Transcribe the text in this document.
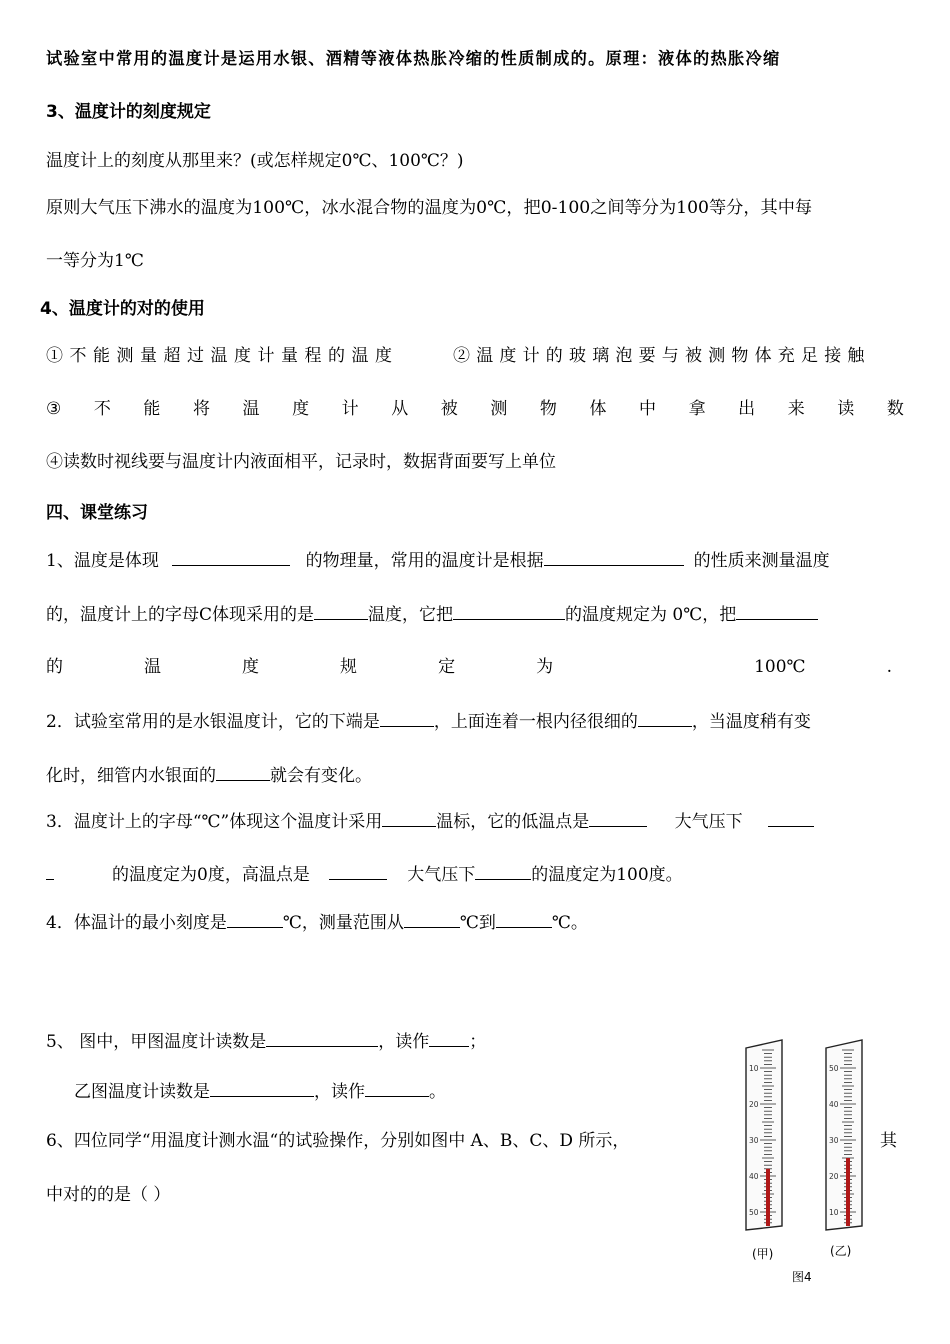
试验室中常用的温度计是运用水银、酒精等液体热胀冷缩的性质制成的。原理：液体的热胀冷缩
3、温度计的刻度规定
温度计上的刻度从那里来？(或怎样规定0℃、100℃？)
原则大气压下沸水的温度为100℃，冰水混合物的温度为0℃，把0-100之间等分为100等分，其中每
一等分为1℃
4、温度计的对的使用
①不能测量超过温度计量程的温度	②温度计的玻璃泡要与被测物体充足接触
③ 不 能 将 温 度 计 从 被 测 物 体 中 拿 出 来 读 数
④读数时视线要与温度计内液面相平，记录时，数据背面要写上单位
四、课堂练习
1、温度是体现	的物理量，常用的温度计是根据	的性质来测量温度
的，温度计上的字母C体现采用的是	温度，它把	的温度规定为 0℃，把
的	温	度	规	定	为	100℃	.
2．试验室常用的是水银温度计，它的下端是	，上面连着一根内径很细的	，当温度稍有变
化时，细管内水银面的	就会有变化。
3．温度计上的字母“℃”体现这个温度计采用	温标，它的低温点是	大气压下
的温度定为0度，高温点是	大气压下	的温度定为100度。
4．体温计的最小刻度是	℃，测量范围从	℃到	℃。
5、 图中，甲图温度计读数是	，读作 ；
乙图温度计读数是	，读作	。
6、四位同学“用温度计测水温“的试验操作，分别如图中 A、B、C、D 所示，	其
中对的的是（ ）
10
20
30
40
50
50
40
30
20
10
(甲)	(乙)
图4
